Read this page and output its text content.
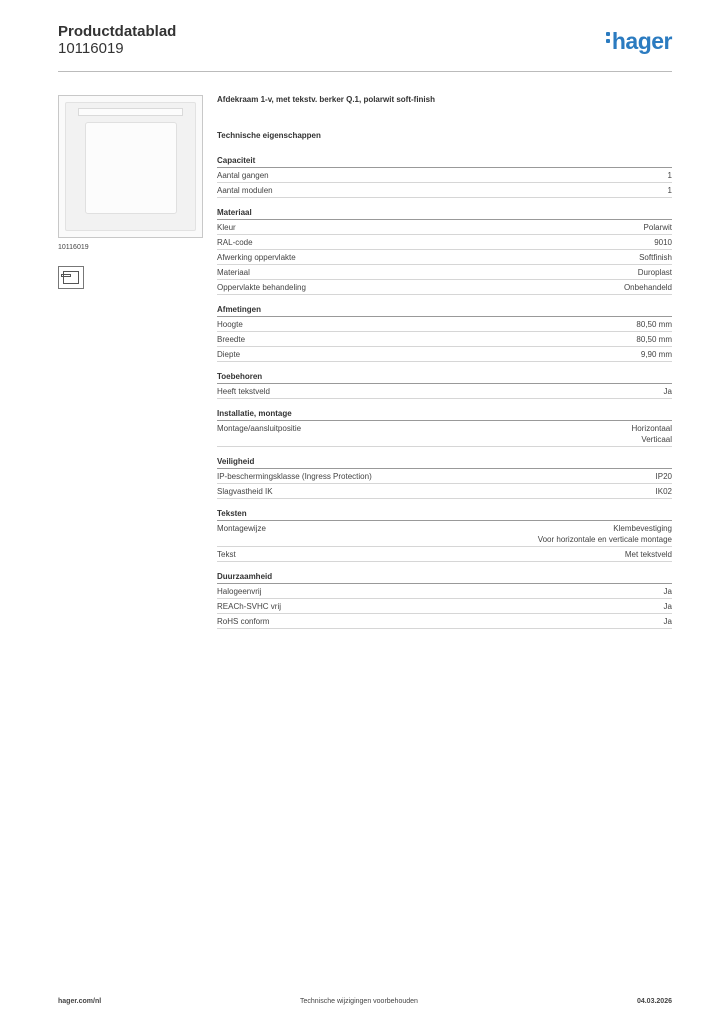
Productdatablad
10116019	hager
10116019
Afdekraam 1-v, met tekstv. berker Q.1, polarwit soft-finish
Technische eigenschappen
Capaciteit
Aantal gangen	1
Aantal modulen	1
Materiaal
Kleur	Polarwit
RAL-code	9010
Afwerking oppervlakte	Softfinish
Materiaal	Duroplast
Oppervlakte behandeling	Onbehandeld
Afmetingen
Hoogte	80,50 mm
Breedte	80,50 mm
Diepte	9,90 mm
Toebehoren
Heeft tekstveld	Ja
Installatie, montage
Montage/aansluitpositie	Horizontaal
Verticaal
Veiligheid
IP-beschermingsklasse (Ingress Protection)	IP20
Slagvastheid IK	IK02
Teksten
Montagewijze	Klembevestiging
Voor horizontale en verticale montage
Tekst	Met tekstveld
Duurzaamheid
Halogeenvrij	Ja
REACh-SVHC vrij	Ja
RoHS conform	Ja
hager.com/nl	Technische wijzigingen voorbehouden	04.03.2026
